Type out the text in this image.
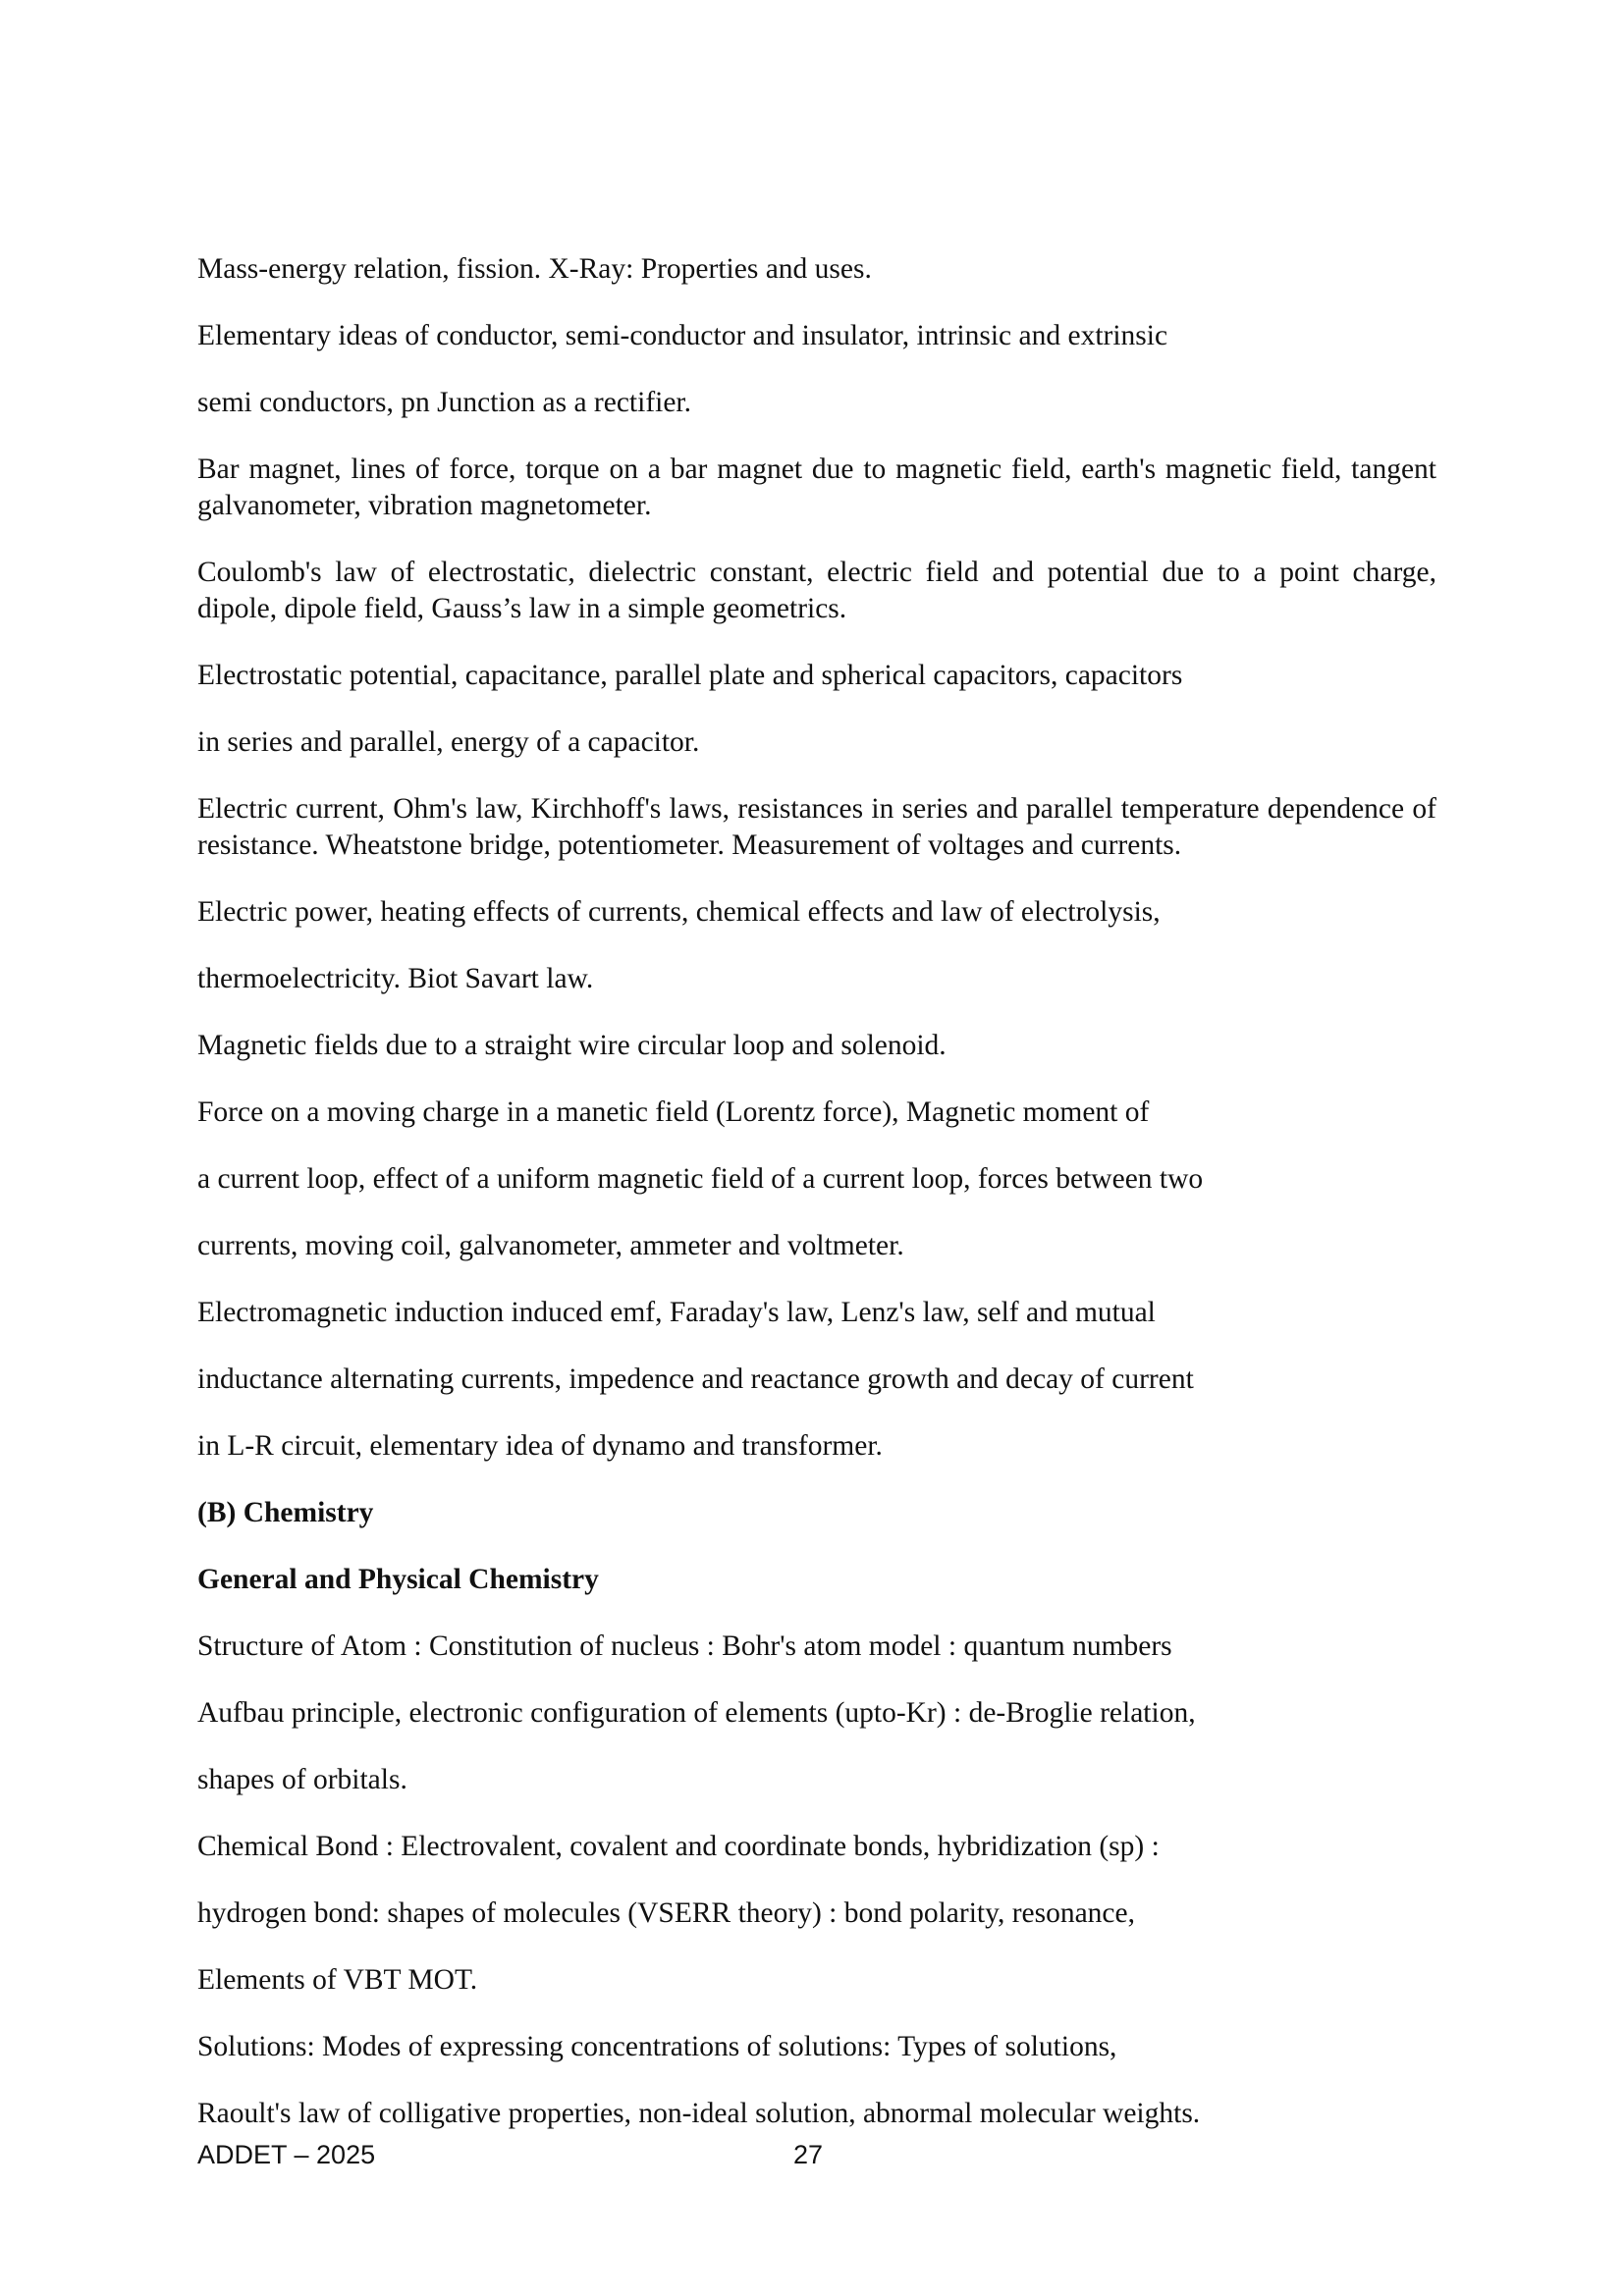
Mass-energy relation, fission. X-Ray: Properties and uses.

Elementary ideas of conductor, semi-conductor and insulator, intrinsic and extrinsic

semi conductors, pn Junction as a rectifier.

Bar magnet, lines of force, torque on a bar magnet due to magnetic field, earth's magnetic field, tangent galvanometer, vibration magnetometer.

Coulomb's law of electrostatic, dielectric constant, electric field and potential due to a point charge, dipole, dipole field, Gauss’s law in a simple geometrics.

Electrostatic potential, capacitance, parallel plate and spherical capacitors, capacitors

in series and parallel, energy of a capacitor.

Electric current, Ohm's law, Kirchhoff's laws, resistances in series and parallel temperature dependence of resistance. Wheatstone bridge, potentiometer. Measurement of voltages and currents.

Electric power, heating effects of currents, chemical effects and law of electrolysis,

thermoelectricity. Biot Savart law.

Magnetic fields due to a straight wire circular loop and solenoid.

Force on a moving charge in a manetic field (Lorentz force), Magnetic moment of

a current loop, effect of a uniform magnetic field of a current loop, forces between two

currents, moving coil, galvanometer, ammeter and voltmeter.

Electromagnetic induction induced emf, Faraday's law, Lenz's law, self and mutual

inductance alternating currents, impedence and reactance growth and decay of current

in L-R circuit, elementary idea of dynamo and transformer.

(B) Chemistry

General and Physical Chemistry

Structure of Atom : Constitution of nucleus : Bohr's atom model : quantum numbers

Aufbau principle, electronic configuration of elements (upto-Kr) : de-Broglie relation,

shapes of orbitals.

Chemical Bond : Electrovalent, covalent and coordinate bonds, hybridization (sp) :

hydrogen bond: shapes of molecules (VSERR theory) : bond polarity, resonance,

Elements of VBT MOT.

Solutions: Modes of expressing concentrations of solutions: Types of solutions,

Raoult's law of colligative properties, non-ideal solution, abnormal molecular weights.

ADDET – 2025	27
